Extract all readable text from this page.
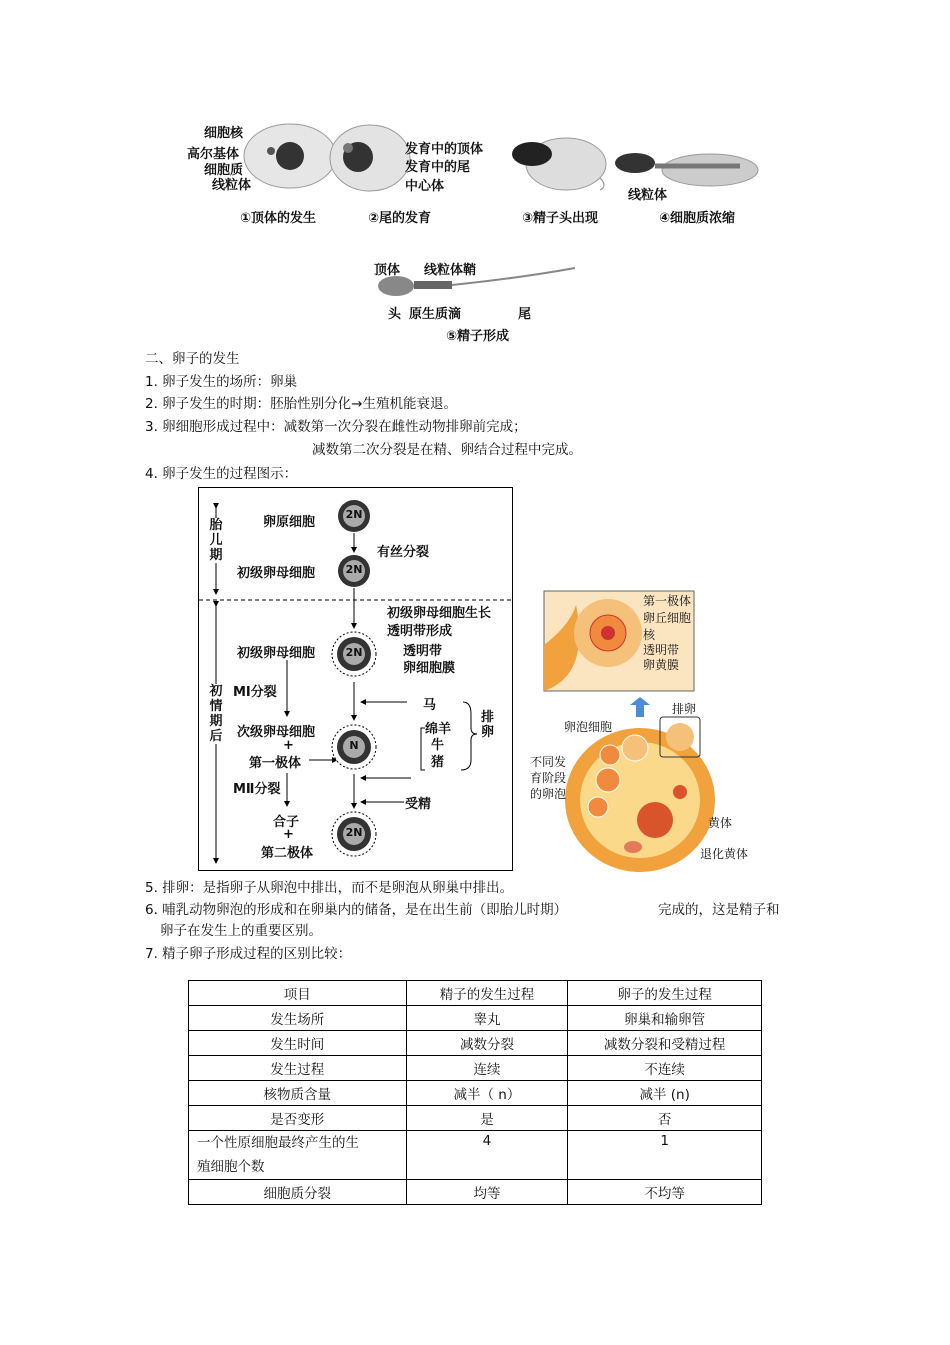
细胞核
高尔基体
细胞质
线粒体
①顶体的发生
发育中的顶体
发育中的尾
中心体
②尾的发育	③精子头出现
线粒体
④细胞质浓缩
顶体 线粒体鞘
头 原生质滴	尾
⑤精子形成
二、卵子的发生
1. 卵子发生的场所：卵巢
2. 卵子发生的时期：胚胎性别分化→生殖机能衰退。
3. 卵细胞形成过程中：减数第一次分裂在雌性动物排卵前完成；
减数第二次分裂是在精、卵结合过程中完成。
4. 卵子发生的过程图示：
2N
2N
2N
N
2N
胎儿期
初情期后
卵原细胞
有丝分裂
初级卵母细胞
初级卵母细胞生长
透明带形成
初级卵母细胞	透明带
卵细胞膜
MⅠ分裂
马
绵羊
牛
猪
排卵
次级卵母细胞
+
第一极体
MⅡ分裂
受精
合子
+
第二极体
第一极体
卵丘细胞
核
透明带
卵黄膜
排卵
卵泡细胞
不同发
育阶段
的卵泡
黄体
退化黄体
5. 排卵：是指卵子从卵泡中排出，而不是卵泡从卵巢中排出。
6. 哺乳动物卵泡的形成和在卵巢内的储备，是在出生前（即胎儿时期）	完成的，这是精子和
卵子在发生上的重要区别。
7. 精子卵子形成过程的区别比较：
项目	精子的发生过程	卵子的发生过程
发生场所	睾丸	卵巢和输卵管
发生时间	减数分裂	减数分裂和受精过程
发生过程	连续	不连续
核物质含量	减半（ n）	减半 (n)
是否变形	是	否
一个性原细胞最终产生的生
殖细胞个数	4	1
细胞质分裂	均等	不均等
